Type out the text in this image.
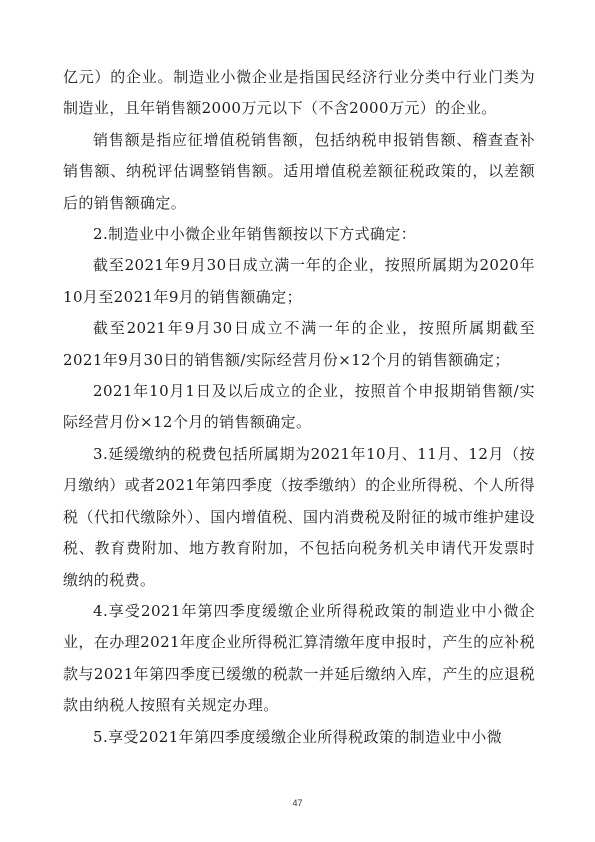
亿元）的企业。制造业小微企业是指国民经济行业分类中行业门类为制造业，且年销售额2000万元以下（不含2000万元）的企业。

销售额是指应征增值税销售额，包括纳税申报销售额、稽查查补销售额、纳税评估调整销售额。适用增值税差额征税政策的，以差额后的销售额确定。

2.制造业中小微企业年销售额按以下方式确定：

截至2021年9月30日成立满一年的企业，按照所属期为2020年10月至2021年9月的销售额确定；

截至2021年9月30日成立不满一年的企业，按照所属期截至2021年9月30日的销售额/实际经营月份×12个月的销售额确定；

2021年10月1日及以后成立的企业，按照首个申报期销售额/实际经营月份×12个月的销售额确定。

3.延缓缴纳的税费包括所属期为2021年10月、11月、12月（按月缴纳）或者2021年第四季度（按季缴纳）的企业所得税、个人所得税（代扣代缴除外）、国内增值税、国内消费税及附征的城市维护建设税、教育费附加、地方教育附加，不包括向税务机关申请代开发票时缴纳的税费。

4.享受2021年第四季度缓缴企业所得税政策的制造业中小微企业，在办理2021年度企业所得税汇算清缴年度申报时，产生的应补税款与2021年第四季度已缓缴的税款一并延后缴纳入库，产生的应退税款由纳税人按照有关规定办理。

5.享受2021年第四季度缓缴企业所得税政策的制造业中小微

47
